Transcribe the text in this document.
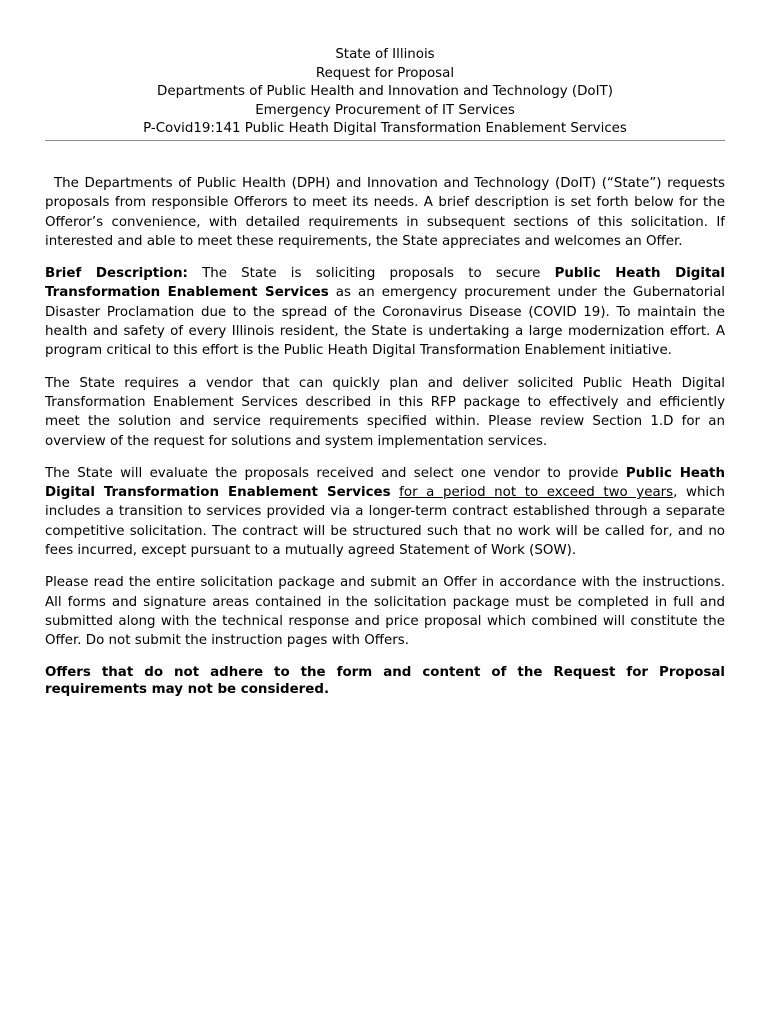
State of Illinois
Request for Proposal
Departments of Public Health and Innovation and Technology (DoIT)
Emergency Procurement of IT Services
P-Covid19:141 Public Heath Digital Transformation Enablement Services

The Departments of Public Health (DPH) and Innovation and Technology (DoIT) (“State”) requests proposals from responsible Offerors to meet its needs. A brief description is set forth below for the Offeror’s convenience, with detailed requirements in subsequent sections of this solicitation. If interested and able to meet these requirements, the State appreciates and welcomes an Offer.

Brief Description: The State is soliciting proposals to secure Public Heath Digital Transformation Enablement Services as an emergency procurement under the Gubernatorial Disaster Proclamation due to the spread of the Coronavirus Disease (COVID 19). To maintain the health and safety of every Illinois resident, the State is undertaking a large modernization effort. A program critical to this effort is the Public Heath Digital Transformation Enablement initiative.

The State requires a vendor that can quickly plan and deliver solicited Public Heath Digital Transformation Enablement Services described in this RFP package to effectively and efficiently meet the solution and service requirements specified within. Please review Section 1.D for an overview of the request for solutions and system implementation services.

The State will evaluate the proposals received and select one vendor to provide Public Heath Digital Transformation Enablement Services for a period not to exceed two years, which includes a transition to services provided via a longer-term contract established through a separate competitive solicitation. The contract will be structured such that no work will be called for, and no fees incurred, except pursuant to a mutually agreed Statement of Work (SOW).

Please read the entire solicitation package and submit an Offer in accordance with the instructions. All forms and signature areas contained in the solicitation package must be completed in full and submitted along with the technical response and price proposal which combined will constitute the Offer. Do not submit the instruction pages with Offers.

Offers that do not adhere to the form and content of the Request for Proposal requirements may not be considered.
